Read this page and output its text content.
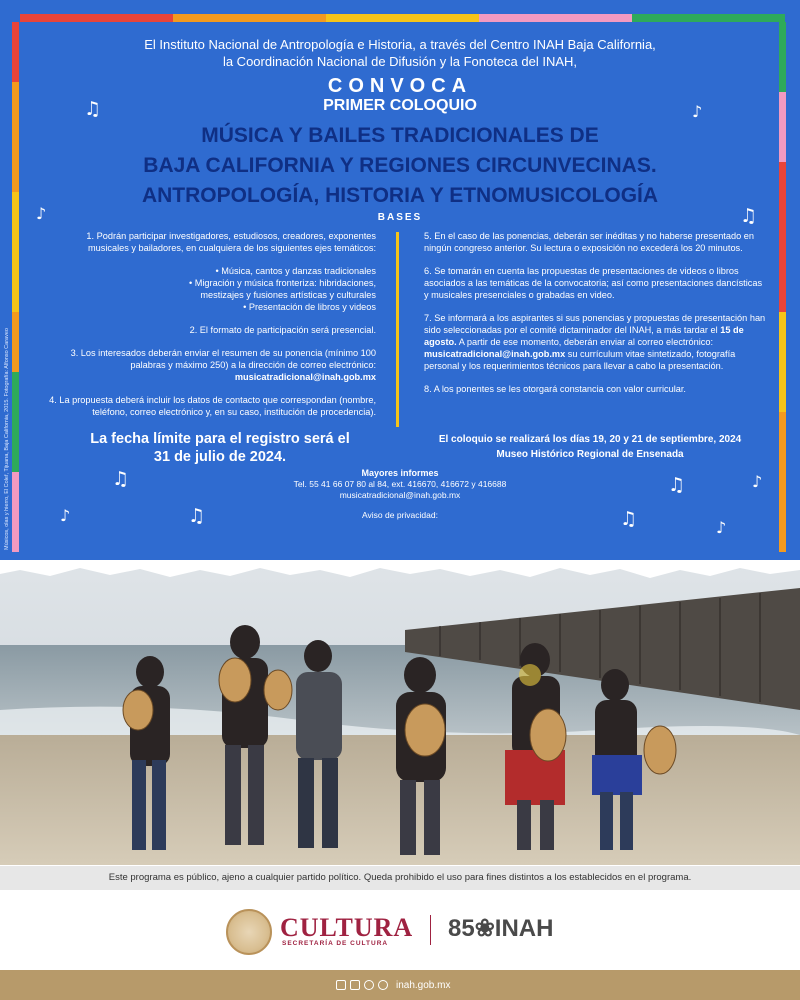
El Instituto Nacional de Antropología e Historia, a través del Centro INAH Baja California,
la Coordinación Nacional de Difusión y la Fonoteca del INAH,
CONVOCA
PRIMER COLOQUIO
MÚSICA Y BAILES TRADICIONALES DE
BAJA CALIFORNIA Y REGIONES CIRCUNVECINAS.
ANTROPOLOGÍA, HISTORIA Y ETNOMUSICOLOGÍA
BASES

1. Podrán participar investigadores, estudiosos, creadores, exponentes musicales y bailadores, en cualquiera de los siguientes ejes temáticos:

• Música, cantos y danzas tradicionales
• Migración y música fronteriza: hibridaciones,
mestizajes y fusiones artísticas y culturales
• Presentación de libros y videos

2. El formato de participación será presencial.

3. Los interesados deberán enviar el resumen de su ponencia (mínimo 100 palabras y máximo 250) a la dirección de correo electrónico:
musicatradicional@inah.gob.mx

4. La propuesta deberá incluir los datos de contacto que correspondan (nombre, teléfono, correo electrónico y, en su caso, institución de procedencia).

5. En el caso de las ponencias, deberán ser inéditas y no haberse presentado en ningún congreso anterior. Su lectura o exposición no excederá los 20 minutos.

6. Se tomarán en cuenta las propuestas de presentaciones de videos o libros asociados a las temáticas de la convocatoria; así como presentaciones dancísticas y musicales presenciales o grabadas en video.

7. Se informará a los aspirantes si sus ponencias y propuestas de presentación han sido seleccionadas por el comité dictaminador del INAH, a más tardar el 15 de agosto. A partir de ese momento, deberán enviar al correo electrónico: musicatradicional@inah.gob.mx su currículum vitae sintetizado, fotografía personal y los requerimientos técnicos para llevar a cabo la presentación.

8. A los ponentes se les otorgará constancia con valor curricular.

La fecha límite para el registro será el
31 de julio de 2024.
El coloquio se realizará los días 19, 20 y 21 de septiembre, 2024
Museo Histórico Regional de Ensenada
Mayores informes
Tel. 55 41 66 07 80 al 84, ext. 416670, 416672 y 416688
musicatradicional@inah.gob.mx
Aviso de privacidad:
Músicos, olas y hierro, El Colef, Tijuana, Baja California, 2015. Fotografía: Alfonso Caraveo
♫	♪
♪	♫
♫	♫	♪
♪	♫	♫	♪
Este programa es público, ajeno a cualquier partido político. Queda prohibido el uso para fines distintos a los establecidos en el programa.
CULTURA
SECRETARÍA DE CULTURA
85❀INAH
inah.gob.mx
